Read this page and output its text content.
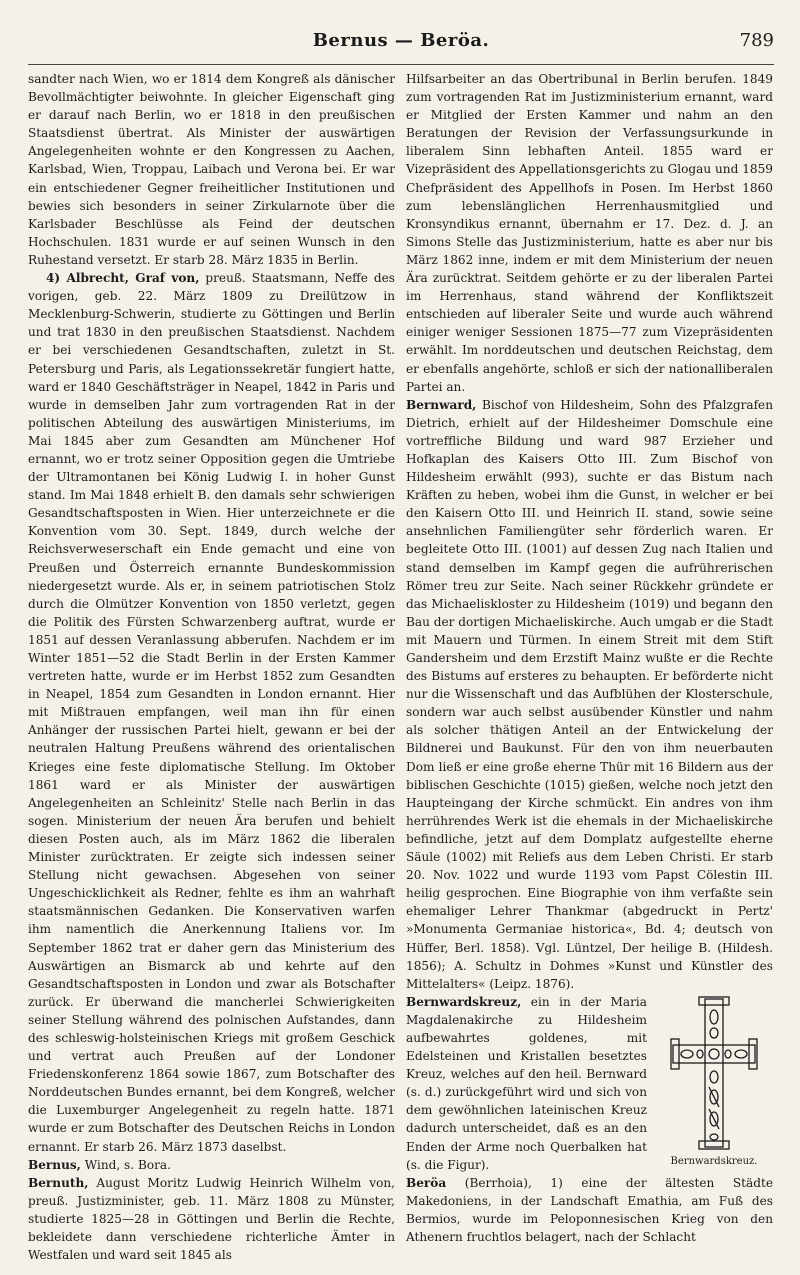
Bernus — Beröa.	789

sandter nach Wien, wo er 1814 dem Kongreß als dänischer Bevollmächtigter beiwohnte. In gleicher Eigenschaft ging er darauf nach Berlin, wo er 1818 in den preußischen Staatsdienst übertrat. Als Minister der auswärtigen Angelegenheiten wohnte er den Kongressen zu Aachen, Karlsbad, Wien, Troppau, Laibach und Verona bei. Er war ein entschiedener Gegner freiheitlicher Institutionen und bewies sich besonders in seiner Zirkularnote über die Karlsbader Beschlüsse als Feind der deutschen Hochschulen. 1831 wurde er auf seinen Wunsch in den Ruhestand versetzt. Er starb 28. März 1835 in Berlin.

4) Albrecht, Graf von, preuß. Staatsmann, Neffe des vorigen, geb. 22. März 1809 zu Dreilützow in Mecklenburg-Schwerin, studierte zu Göttingen und Berlin und trat 1830 in den preußischen Staatsdienst. Nachdem er bei verschiedenen Gesandtschaften, zuletzt in St. Petersburg und Paris, als Legationssekretär fungiert hatte, ward er 1840 Geschäftsträger in Neapel, 1842 in Paris und wurde in demselben Jahr zum vortragenden Rat in der politischen Abteilung des auswärtigen Ministeriums, im Mai 1845 aber zum Gesandten am Münchener Hof ernannt, wo er trotz seiner Opposition gegen die Umtriebe der Ultramontanen bei König Ludwig I. in hoher Gunst stand. Im Mai 1848 erhielt B. den damals sehr schwierigen Gesandtschaftsposten in Wien. Hier unterzeichnete er die Konvention vom 30. Sept. 1849, durch welche der Reichsverweserschaft ein Ende gemacht und eine von Preußen und Österreich ernannte Bundeskommission niedergesetzt wurde. Als er, in seinem patriotischen Stolz durch die Olmützer Konvention von 1850 verletzt, gegen die Politik des Fürsten Schwarzenberg auftrat, wurde er 1851 auf dessen Veranlassung abberufen. Nachdem er im Winter 1851—52 die Stadt Berlin in der Ersten Kammer vertreten hatte, wurde er im Herbst 1852 zum Gesandten in Neapel, 1854 zum Gesandten in London ernannt. Hier mit Mißtrauen empfangen, weil man ihn für einen Anhänger der russischen Partei hielt, gewann er bei der neutralen Haltung Preußens während des orientalischen Krieges eine feste diplomatische Stellung. Im Oktober 1861 ward er als Minister der auswärtigen Angelegenheiten an Schleinitz' Stelle nach Berlin in das sogen. Ministerium der neuen Ära berufen und behielt diesen Posten auch, als im März 1862 die liberalen Minister zurücktraten. Er zeigte sich indessen seiner Stellung nicht gewachsen. Abgesehen von seiner Ungeschicklichkeit als Redner, fehlte es ihm an wahrhaft staatsmännischen Gedanken. Die Konservativen warfen ihm namentlich die Anerkennung Italiens vor. Im September 1862 trat er daher gern das Ministerium des Auswärtigen an Bismarck ab und kehrte auf den Gesandtschaftsposten in London und zwar als Botschafter zurück. Er überwand die mancherlei Schwierigkeiten seiner Stellung während des polnischen Aufstandes, dann des schleswig-holsteinischen Kriegs mit großem Geschick und vertrat auch Preußen auf der Londoner Friedenskonferenz 1864 sowie 1867, zum Botschafter des Norddeutschen Bundes ernannt, bei dem Kongreß, welcher die Luxemburger Angelegenheit zu regeln hatte. 1871 wurde er zum Botschafter des Deutschen Reichs in London ernannt. Er starb 26. März 1873 daselbst.

Bernus, Wind, s. Bora.

Bernuth, August Moritz Ludwig Heinrich Wilhelm von, preuß. Justizminister, geb. 11. März 1808 zu Münster, studierte 1825—28 in Göttingen und Berlin die Rechte, bekleidete dann verschiedene richterliche Ämter in Westfalen und ward seit 1845 als

Hilfsarbeiter an das Obertribunal in Berlin berufen. 1849 zum vortragenden Rat im Justizministerium ernannt, ward er Mitglied der Ersten Kammer und nahm an den Beratungen der Revision der Verfassungsurkunde in liberalem Sinn lebhaften Anteil. 1855 ward er Vizepräsident des Appellationsgerichts zu Glogau und 1859 Chefpräsident des Appellhofs in Posen. Im Herbst 1860 zum lebenslänglichen Herrenhausmitglied und Kronsyndikus ernannt, übernahm er 17. Dez. d. J. an Simons Stelle das Justizministerium, hatte es aber nur bis März 1862 inne, indem er mit dem Ministerium der neuen Ära zurücktrat. Seitdem gehörte er zu der liberalen Partei im Herrenhaus, stand während der Konfliktszeit entschieden auf liberaler Seite und wurde auch während einiger weniger Sessionen 1875—77 zum Vizepräsidenten erwählt. Im norddeutschen und deutschen Reichstag, dem er ebenfalls angehörte, schloß er sich der nationalliberalen Partei an.

Bernward, Bischof von Hildesheim, Sohn des Pfalzgrafen Dietrich, erhielt auf der Hildesheimer Domschule eine vortreffliche Bildung und ward 987 Erzieher und Hofkaplan des Kaisers Otto III. Zum Bischof von Hildesheim erwählt (993), suchte er das Bistum nach Kräften zu heben, wobei ihm die Gunst, in welcher er bei den Kaisern Otto III. und Heinrich II. stand, sowie seine ansehnlichen Familiengüter sehr förderlich waren. Er begleitete Otto III. (1001) auf dessen Zug nach Italien und stand demselben im Kampf gegen die aufrührerischen Römer treu zur Seite. Nach seiner Rückkehr gründete er das Michaeliskloster zu Hildesheim (1019) und begann den Bau der dortigen Michaeliskirche. Auch umgab er die Stadt mit Mauern und Türmen. In einem Streit mit dem Stift Gandersheim und dem Erzstift Mainz wußte er die Rechte des Bistums auf ersteres zu behaupten. Er beförderte nicht nur die Wissenschaft und das Aufblühen der Klosterschule, sondern war auch selbst ausübender Künstler und nahm als solcher thätigen Anteil an der Entwickelung der Bildnerei und Baukunst. Für den von ihm neuerbauten Dom ließ er eine große eherne Thür mit 16 Bildern aus der biblischen Geschichte (1015) gießen, welche noch jetzt den Haupteingang der Kirche schmückt. Ein andres von ihm herrührendes Werk ist die ehemals in der Michaeliskirche befindliche, jetzt auf dem Domplatz aufgestellte eherne Säule (1002) mit Reliefs aus dem Leben Christi. Er starb 20. Nov. 1022 und wurde 1193 vom Papst Cölestin III. heilig gesprochen. Eine Biographie von ihm verfaßte sein ehemaliger Lehrer Thankmar (abgedruckt in Pertz' »Monumenta Germaniae historica«, Bd. 4; deutsch von Hüffer, Berl. 1858). Vgl. Lüntzel, Der heilige B. (Hildesh. 1856); A. Schultz in Dohmes »Kunst und Künstler des Mittelalters« (Leipz. 1876).

Bernwardskreuz.
Bernwardskreuz, ein in der Maria Magdalenakirche zu Hildesheim aufbewahrtes goldenes, mit Edelsteinen und Kristallen besetztes Kreuz, welches auf den heil. Bernward (s. d.) zurückgeführt wird und sich von dem gewöhnlichen lateinischen Kreuz dadurch unterscheidet, daß es an den Enden der Arme noch Querbalken hat (s. die Figur).

Beröa (Berrhoia), 1) eine der ältesten Städte Makedoniens, in der Landschaft Emathia, am Fuß des Bermios, wurde im Peloponnesischen Krieg von den Athenern fruchtlos belagert, nach der Schlacht
